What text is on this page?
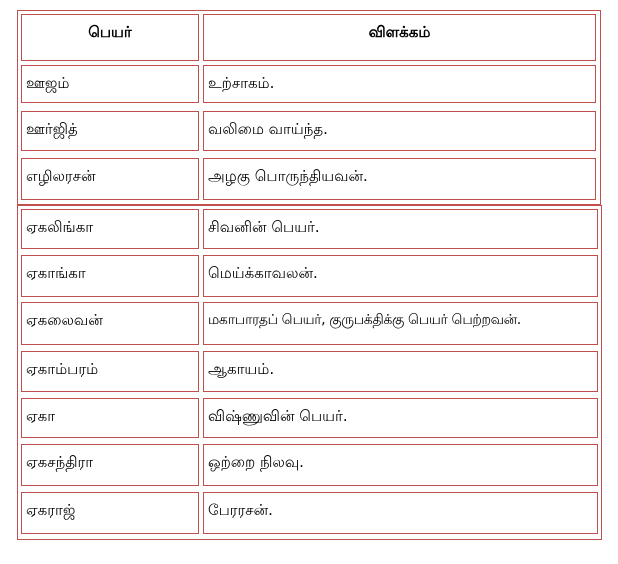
பெயர்	விளக்கம்
ஊஜம்	உற்சாகம்.
ஊர்ஜித்	வலிமை வாய்ந்த.
எழிலரசன்	அழகு பொருந்தியவன்.
ஏகலிங்கா	சிவனின் பெயர்.
ஏகாங்கா	மெய்க்காவலன்.
ஏகலைவன்	மகாபாரதப் பெயர், குருபக்திக்கு பெயர் பெற்றவன்.
ஏகாம்பரம்	ஆகாயம்.
ஏகா	விஷ்ணுவின் பெயர்.
ஏகசந்திரா	ஒற்றை நிலவு.
ஏகராஜ்	பேரரசன்.
